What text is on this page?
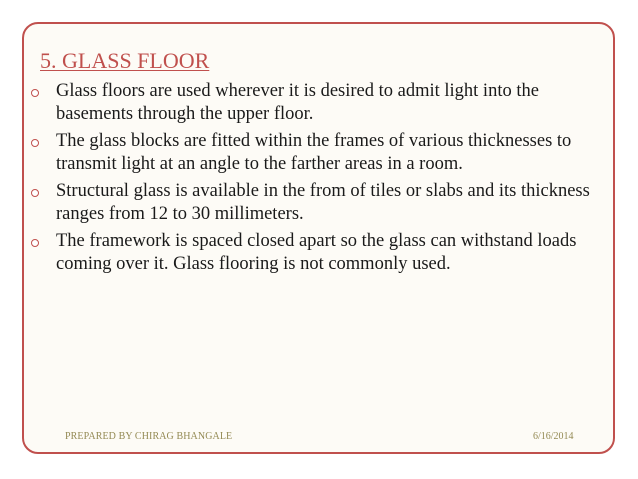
5. GLASS FLOOR
Glass floors are used wherever it is desired to admit light into the basements through the upper floor.
The glass blocks are fitted within the frames of various thicknesses to transmit light at an angle to the farther areas in a room.
Structural glass is available in the from of tiles or slabs and its thickness ranges from 12 to 30 millimeters.
The framework is spaced closed apart so the glass can withstand loads coming over it. Glass flooring is not commonly used.
PREPARED BY CHIRAG BHANGALE	6/16/2014
